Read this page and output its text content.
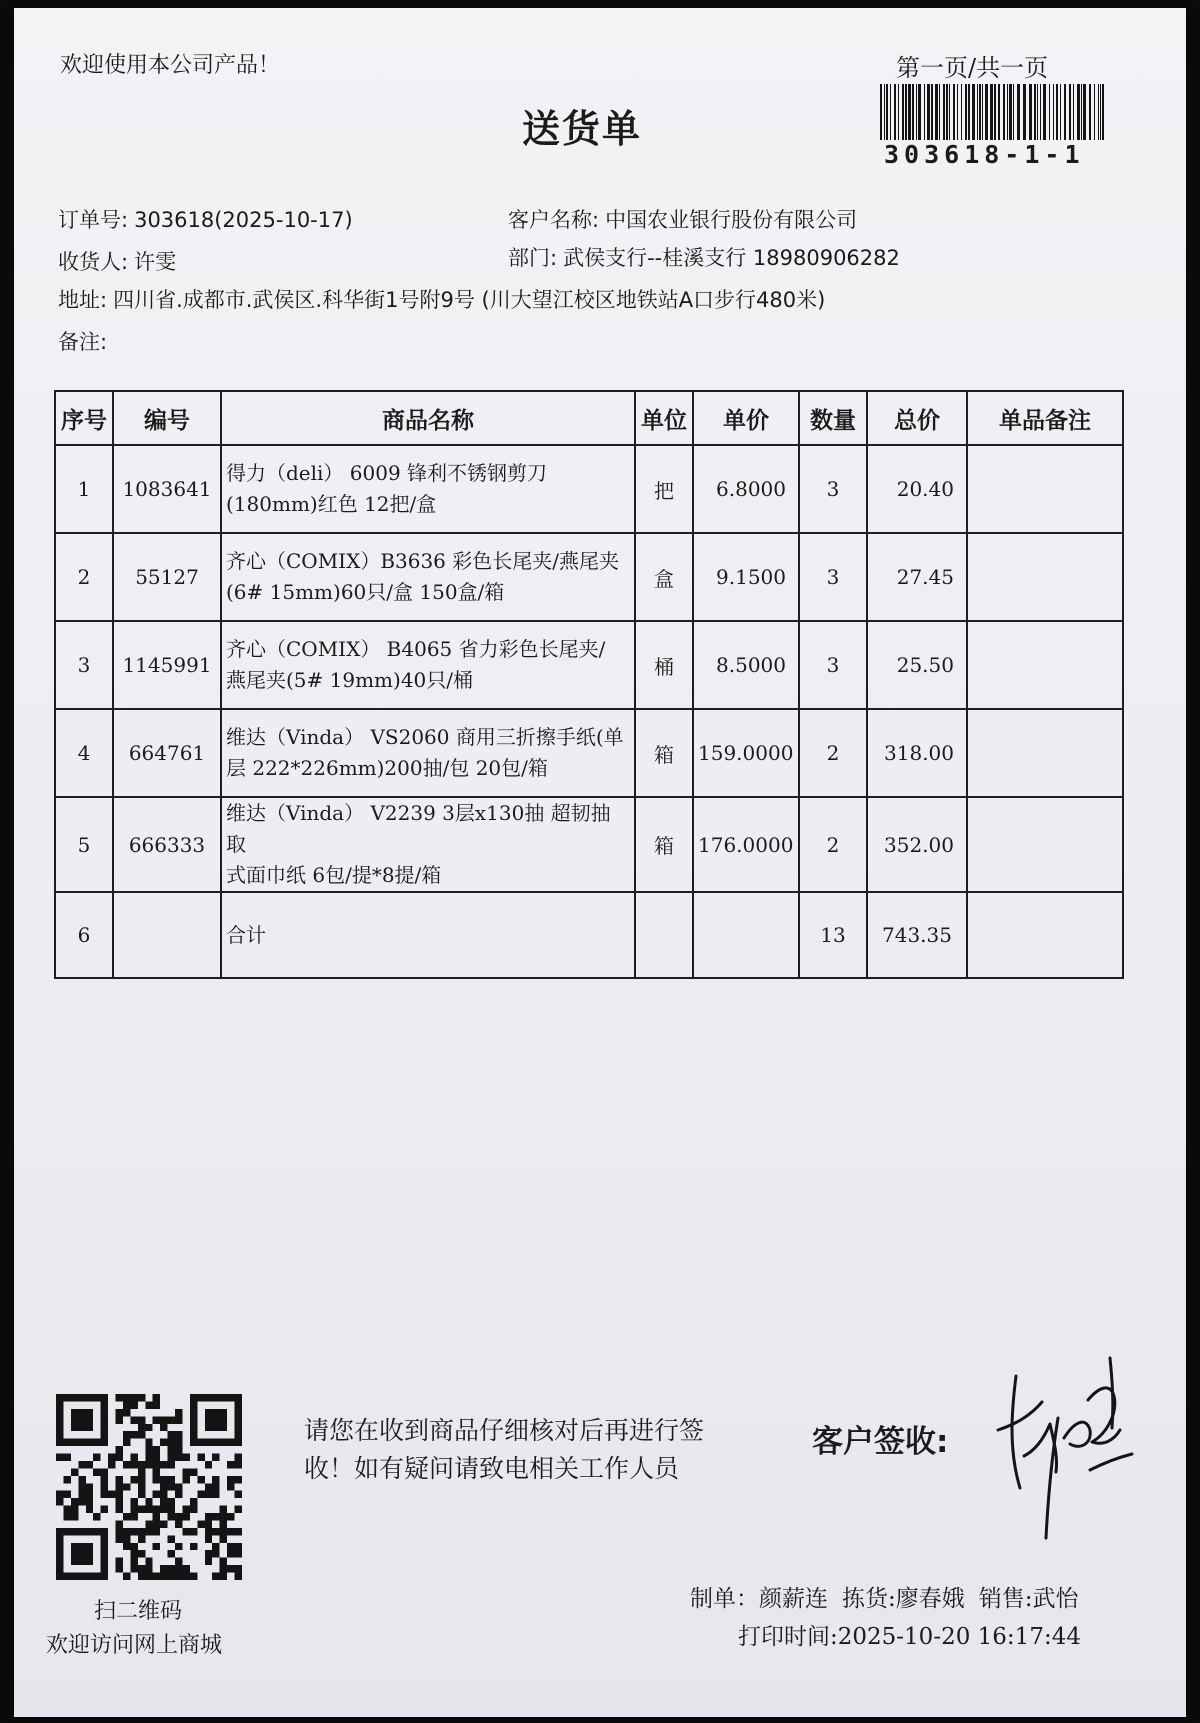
欢迎使用本公司产品！	第一页/共一页
送货单
303618-1-1
订单号: 303618(2025-10-17)
收货人: 许雯
地址: 四川省.成都市.武侯区.科华街1号附9号 (川大望江校区地铁站A口步行480米)
备注:
客户名称: 中国农业银行股份有限公司
部门: 武侯支行--桂溪支行 18980906282
序号	编号	商品名称	单位	单价	数量	总价	单品备注
1	1083641	得力（deli） 6009 锋利不锈钢剪刀
(180mm)红色 12把/盒	把	6.8000	3	20.40	
2	55127	齐心（COMIX）B3636 彩色长尾夹/燕尾夹
(6# 15mm)60只/盒 150盒/箱	盒	9.1500	3	27.45	
3	1145991	齐心（COMIX） B4065 省力彩色长尾夹/
燕尾夹(5# 19mm)40只/桶	桶	8.5000	3	25.50	
4	664761	维达（Vinda） VS2060 商用三折擦手纸(单
层 222*226mm)200抽/包 20包/箱	箱	159.0000	2	318.00	
5	666333	维达（Vinda） V2239 3层x130抽 超韧抽取
式面巾纸 6包/提*8提/箱	箱	176.0000	2	352.00	
6		合计			13	743.35	
扫二维码
欢迎访问网上商城
请您在收到商品仔细核对后再进行签收！如有疑问请致电相关工作人员
客户签收:
制单：颜薪连 拣货:廖春娥 销售:武怡
打印时间:2025-10-20 16:17:44
